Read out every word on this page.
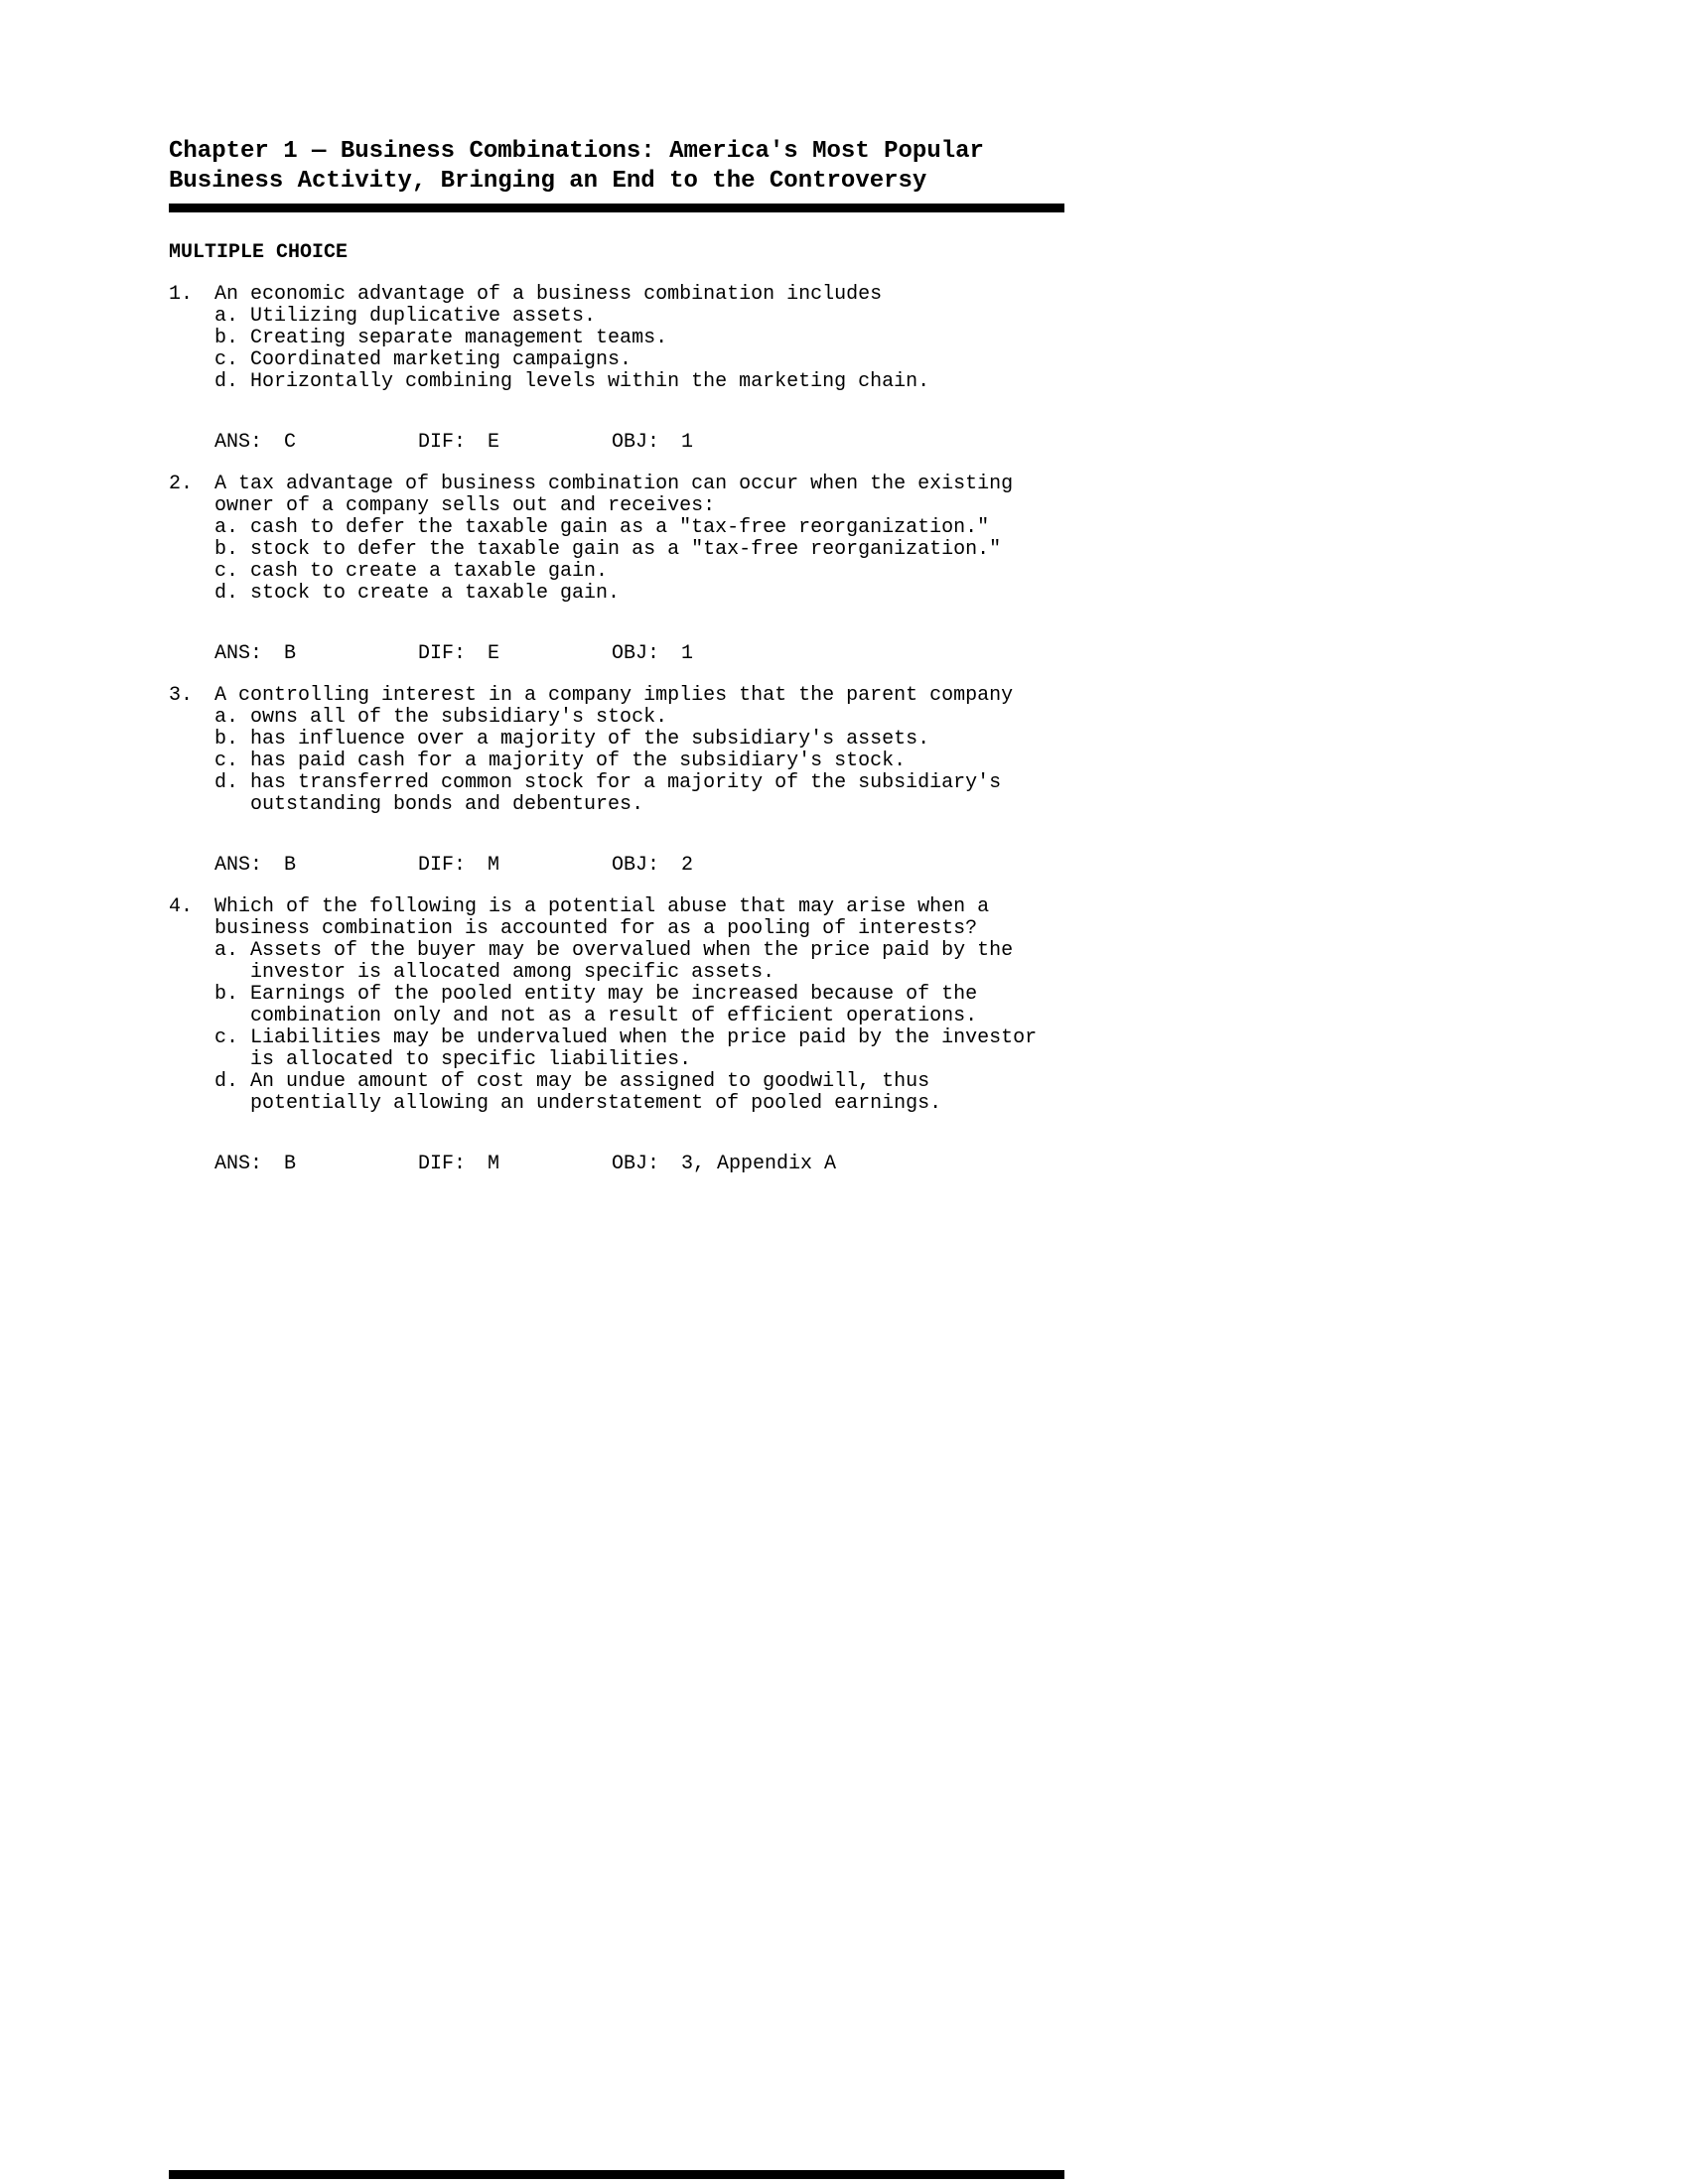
Chapter 1 — Business Combinations: America's Most Popular Business Activity, Bringing an End to the Controversy
MULTIPLE CHOICE
1.	An economic advantage of a business combination includes
a. Utilizing duplicative assets.
b. Creating separate management teams.
c. Coordinated marketing campaigns.
d. Horizontally combining levels within the marketing chain.
ANS: C	DIF: E	OBJ: 1
2.	A tax advantage of business combination can occur when the existing owner of a company sells out and receives:
a. cash to defer the taxable gain as a "tax-free reorganization."
b. stock to defer the taxable gain as a "tax-free reorganization."
c. cash to create a taxable gain.
d. stock to create a taxable gain.
ANS: B	DIF: E	OBJ: 1
3.	A controlling interest in a company implies that the parent company
a. owns all of the subsidiary's stock.
b. has influence over a majority of the subsidiary's assets.
c. has paid cash for a majority of the subsidiary's stock.
d. has transferred common stock for a majority of the subsidiary's outstanding bonds and debentures.
ANS: B	DIF: M	OBJ: 2
4.	Which of the following is a potential abuse that may arise when a business combination is accounted for as a pooling of interests?
a. Assets of the buyer may be overvalued when the price paid by the investor is allocated among specific assets.
b. Earnings of the pooled entity may be increased because of the combination only and not as a result of efficient operations.
c. Liabilities may be undervalued when the price paid by the investor is allocated to specific liabilities.
d. An undue amount of cost may be assigned to goodwill, thus potentially allowing an understatement of pooled earnings.
ANS: B	DIF: M	OBJ: 3, Appendix A
